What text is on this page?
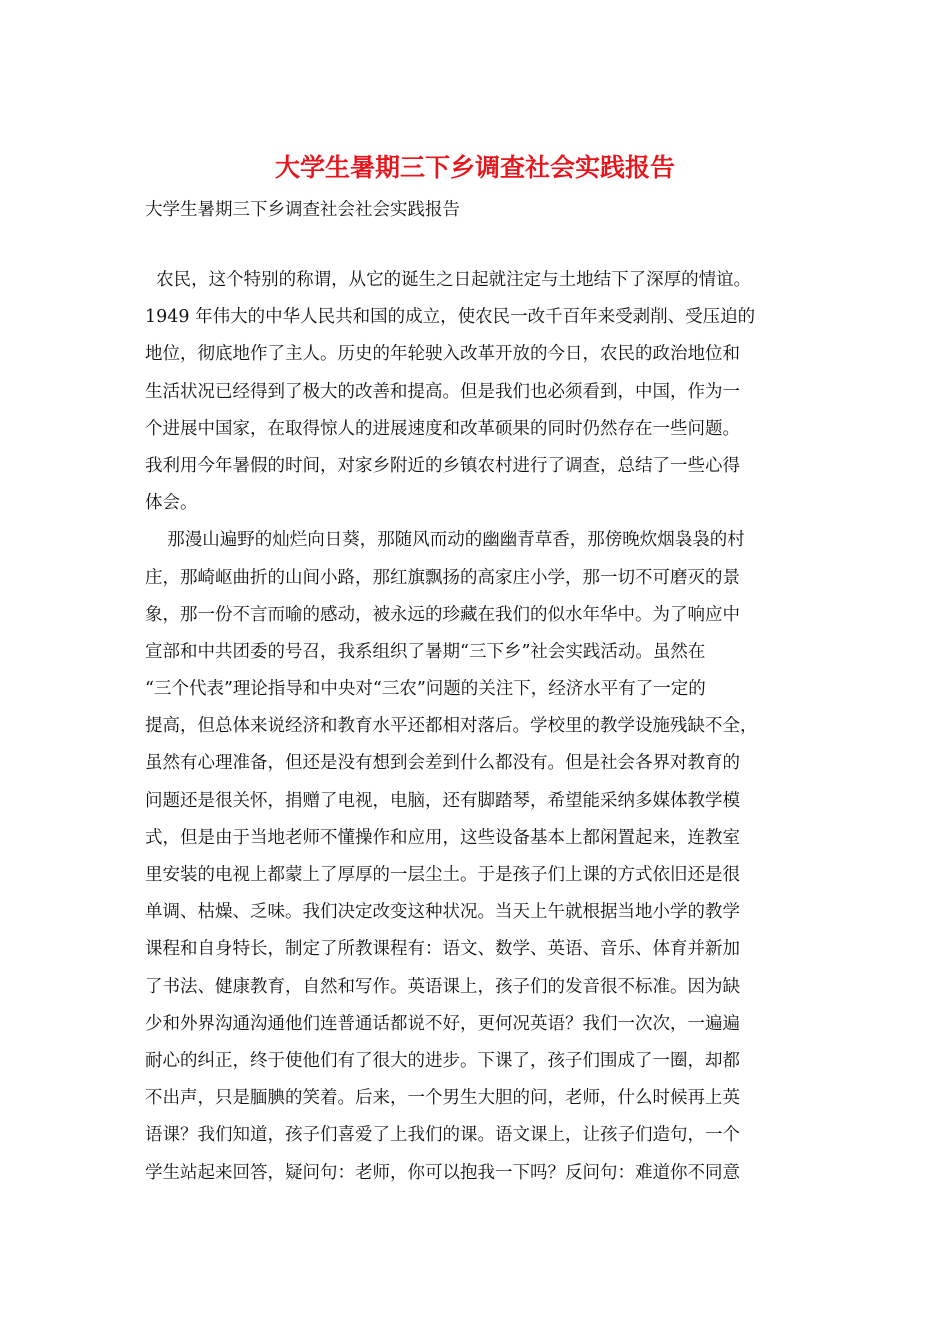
大学生暑期三下乡调查社会实践报告

大学生暑期三下乡调查社会社会实践报告

农民，这个特别的称谓，从它的诞生之日起就注定与土地结下了深厚的情谊。
1949 年伟大的中华人民共和国的成立，使农民一改千百年来受剥削、受压迫的
地位，彻底地作了主人。历史的年轮驶入改革开放的今日，农民的政治地位和
生活状况已经得到了极大的改善和提高。但是我们也必须看到，中国，作为一
个进展中国家，在取得惊人的进展速度和改革硕果的同时仍然存在一些问题。
我利用今年暑假的时间，对家乡附近的乡镇农村进行了调查，总结了一些心得
体会。
那漫山遍野的灿烂向日葵，那随风而动的幽幽青草香，那傍晚炊烟袅袅的村
庄，那崎岖曲折的山间小路，那红旗飘扬的高家庄小学，那一切不可磨灭的景
象，那一份不言而喻的感动，被永远的珍藏在我们的似水年华中。为了响应中
宣部和中共团委的号召，我系组织了暑期“三下乡”社会实践活动。虽然在
“三个代表”理论指导和中央对“三农”问题的关注下，经济水平有了一定的
提高，但总体来说经济和教育水平还都相对落后。学校里的教学设施残缺不全，
虽然有心理准备，但还是没有想到会差到什么都没有。但是社会各界对教育的
问题还是很关怀，捐赠了电视，电脑，还有脚踏琴，希望能采纳多媒体教学模
式，但是由于当地老师不懂操作和应用，这些设备基本上都闲置起来，连教室
里安装的电视上都蒙上了厚厚的一层尘土。于是孩子们上课的方式依旧还是很
单调、枯燥、乏味。我们决定改变这种状况。当天上午就根据当地小学的教学
课程和自身特长，制定了所教课程有：语文、数学、英语、音乐、体育并新加
了书法、健康教育，自然和写作。英语课上，孩子们的发音很不标准。因为缺
少和外界沟通沟通他们连普通话都说不好，更何况英语？我们一次次，一遍遍
耐心的纠正，终于使他们有了很大的进步。下课了，孩子们围成了一圈，却都
不出声，只是腼腆的笑着。后来，一个男生大胆的问，老师，什么时候再上英
语课？我们知道，孩子们喜爱了上我们的课。语文课上，让孩子们造句，一个
学生站起来回答，疑问句：老师，你可以抱我一下吗？反问句：难道你不同意
